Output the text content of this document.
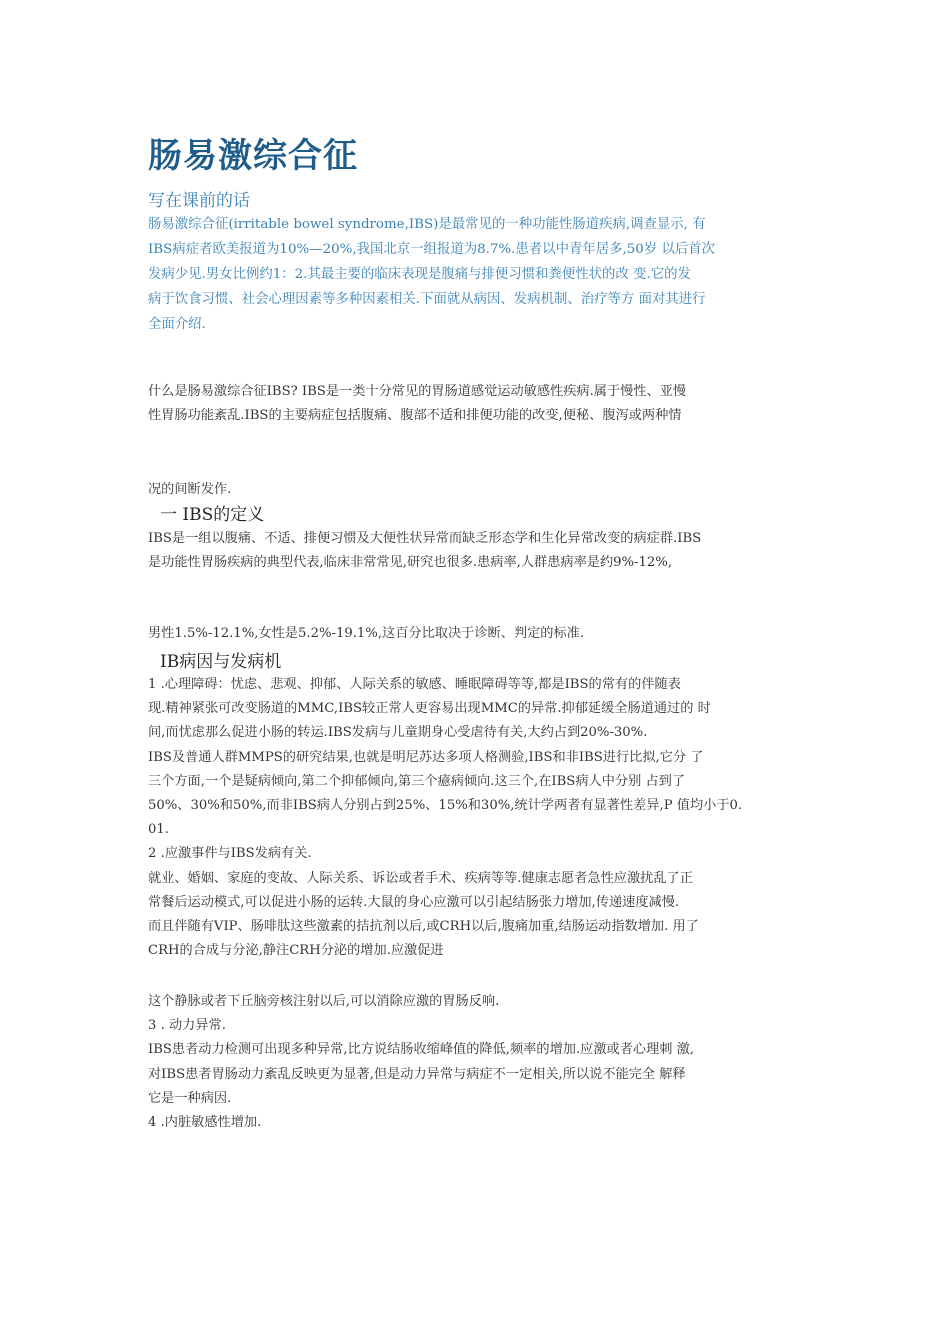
肠易激综合征
写在课前的话

肠易激综合征(irritable bowel syndrome,IBS)是最常见的一种功能性肠道疾病,调查显示, 有

IBS病症者欧美报道为10%—20%,我国北京一组报道为8.7%.患者以中青年居多,50岁 以后首次

发病少见.男女比例约1：2.其最主要的临床表现是腹痛与排便习惯和粪便性状的改 变.它的发

病于饮食习惯、社会心理因素等多种因素相关.下面就从病因、发病机制、治疗等方 面对其进行

全面介绍.

什么是肠易激综合征IBS? IBS是一类十分常见的胃肠道感觉运动敏感性疾病.属于慢性、亚慢

性胃肠功能紊乱.IBS的主要病症包括腹痛、腹部不适和排便功能的改变,便秘、腹泻或两种情

况的间断发作.

一 IBS的定义

IBS是一组以腹痛、不适、排便习惯及大便性状异常而缺乏形态学和生化异常改变的病症群.IBS

是功能性胃肠疾病的典型代表,临床非常常见,研究也很多.患病率,人群患病率是约9%-12%,

男性1.5%-12.1%,女性是5.2%-19.1%,这百分比取决于诊断、判定的标准.

IB病因与发病机

1 .心理障碍：忧虑、悲观、抑郁、人际关系的敏感、睡眠障碍等等,都是IBS的常有的伴随表

现.精神紧张可改变肠道的MMC,IBS较正常人更容易出现MMC的异常.抑郁延缓全肠道通过的 时

间,而忧虑那么促进小肠的转运.IBS发病与儿童期身心受虐待有关,大约占到20%-30%.

IBS及普通人群MMPS的研究结果,也就是明尼苏达多项人格测验,IBS和非IBS进行比拟,它分 了

三个方面,一个是疑病倾向,第二个抑郁倾向,第三个癔病倾向.这三个,在IBS病人中分别 占到了

50%、30%和50%,而非IBS病人分别占到25%、15%和30%,统计学两者有显著性差异,P 值均小于0.

01.

2 .应激事件与IBS发病有关.

就业、婚姻、家庭的变故、人际关系、诉讼或者手术、疾病等等.健康志愿者急性应激扰乱了正

常餐后运动模式,可以促进小肠的运转.大鼠的身心应激可以引起结肠张力增加,传递速度减慢.

而且伴随有VIP、肠啡肽这些激素的拮抗剂以后,或CRH以后,腹痛加重,结肠运动指数增加. 用了

CRH的合成与分泌,静注CRH分泌的增加.应激促进

这个静脉或者下丘脑旁核注射以后,可以消除应激的胃肠反响.

3 . 动力异常.

IBS患者动力检测可出现多种异常,比方说结肠收缩峰值的降低,频率的增加.应激或者心理刺 激,

对IBS患者胃肠动力紊乱反映更为显著,但是动力异常与病症不一定相关,所以说不能完全 解释

它是一种病因.

4 .内脏敏感性增加.
